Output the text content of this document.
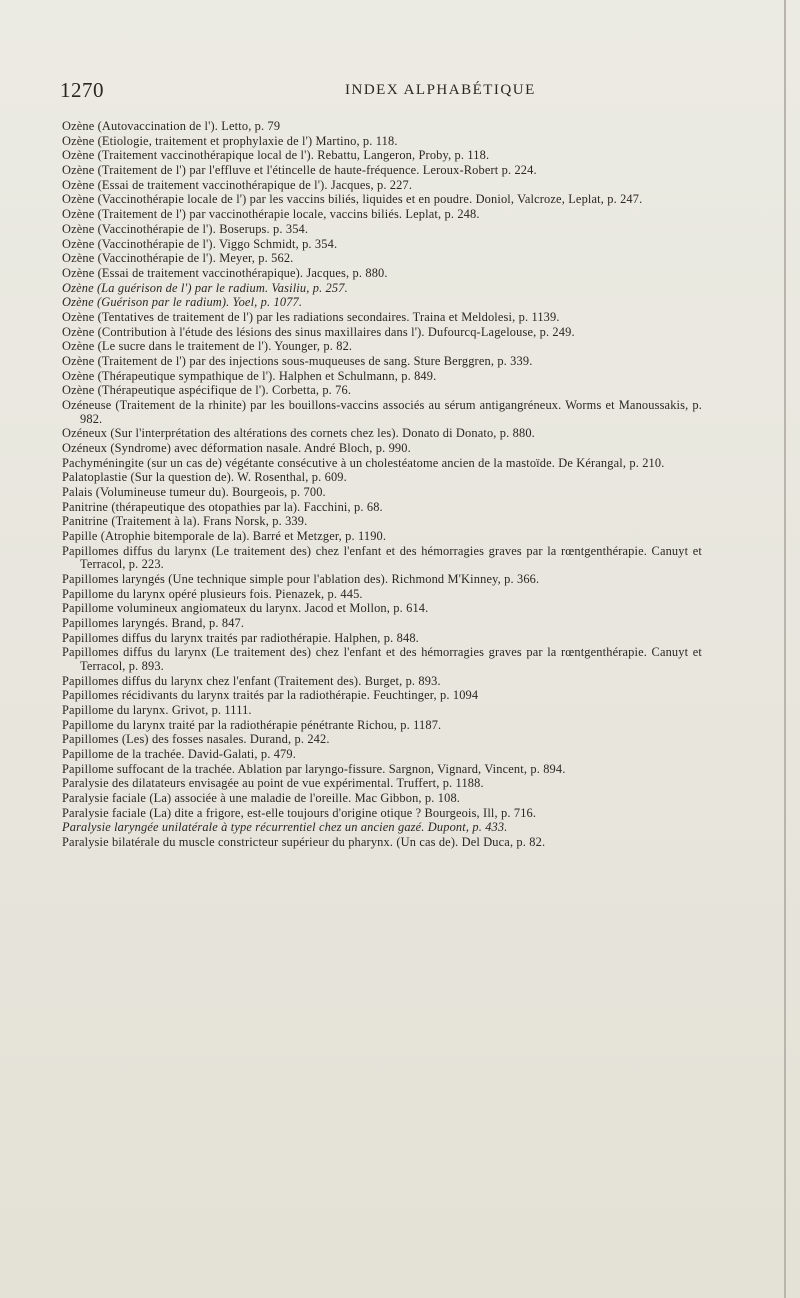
1270	INDEX ALPHABÉTIQUE

Ozène (Autovaccination de l'). Letto, p. 79

Ozène (Etiologie, traitement et prophylaxie de l') Martino, p. 118.

Ozène (Traitement vaccinothérapique local de l'). Rebattu, Langeron, Proby, p. 118.

Ozène (Traitement de l') par l'effluve et l'étincelle de haute-fréquence. Leroux-Robert p. 224.

Ozène (Essai de traitement vaccinothérapique de l'). Jacques, p. 227.

Ozène (Vaccinothérapie locale de l') par les vaccins biliés, liquides et en poudre. Doniol, Valcroze, Leplat, p. 247.

Ozène (Traitement de l') par vaccinothérapie locale, vaccins biliés. Leplat, p. 248.

Ozène (Vaccinothérapie de l'). Boserups. p. 354.

Ozène (Vaccinothérapie de l'). Viggo Schmidt, p. 354.

Ozène (Vaccinothérapie de l'). Meyer, p. 562.

Ozène (Essai de traitement vaccinothérapique). Jacques, p. 880.

Ozène (La guérison de l') par le radium. Vasiliu, p. 257.

Ozène (Guérison par le radium). Yoel, p. 1077.

Ozène (Tentatives de traitement de l') par les radiations secondaires. Traina et Meldolesi, p. 1139.

Ozène (Contribution à l'étude des lésions des sinus maxillaires dans l'). Dufourcq-Lagelouse, p. 249.

Ozène (Le sucre dans le traitement de l'). Younger, p. 82.

Ozène (Traitement de l') par des injections sous-muqueuses de sang. Sture Berggren, p. 339.

Ozène (Thérapeutique sympathique de l'). Halphen et Schulmann, p. 849.

Ozène (Thérapeutique aspécifique de l'). Corbetta, p. 76.

Ozéneuse (Traitement de la rhinite) par les bouillons-vaccins associés au sérum antigangréneux. Worms et Manoussakis, p. 982.

Ozéneux (Sur l'interprétation des altérations des cornets chez les). Donato di Donato, p. 880.

Ozéneux (Syndrome) avec déformation nasale. André Bloch, p. 990.

Pachyméningite (sur un cas de) végétante consécutive à un cholestéatome ancien de la mastoïde. De Kérangal, p. 210.

Palatoplastie (Sur la question de). W. Rosenthal, p. 609.

Palais (Volumineuse tumeur du). Bourgeois, p. 700.

Panitrine (thérapeutique des otopathies par la). Facchini, p. 68.

Panitrine (Traitement à la). Frans Norsk, p. 339.

Papille (Atrophie bitemporale de la). Barré et Metzger, p. 1190.

Papillomes diffus du larynx (Le traitement des) chez l'enfant et des hémorragies graves par la rœntgenthérapie. Canuyt et Terracol, p. 223.

Papillomes laryngés (Une technique simple pour l'ablation des). Richmond M'Kinney, p. 366.

Papillome du larynx opéré plusieurs fois. Pienazek, p. 445.

Papillome volumineux angiomateux du larynx. Jacod et Mollon, p. 614.

Papillomes laryngés. Brand, p. 847.

Papillomes diffus du larynx traités par radiothérapie. Halphen, p. 848.

Papillomes diffus du larynx (Le traitement des) chez l'enfant et des hémorragies graves par la rœntgenthérapie. Canuyt et Terracol, p. 893.

Papillomes diffus du larynx chez l'enfant (Traitement des). Burget, p. 893.

Papillomes récidivants du larynx traités par la radiothérapie. Feuchtinger, p. 1094

Papillome du larynx. Grivot, p. 1111.

Papillome du larynx traité par la radiothérapie pénétrante Richou, p. 1187.

Papillomes (Les) des fosses nasales. Durand, p. 242.

Papillome de la trachée. David-Galati, p. 479.

Papillome suffocant de la trachée. Ablation par laryngo-fissure. Sargnon, Vignard, Vincent, p. 894.

Paralysie des dilatateurs envisagée au point de vue expérimental. Truffert, p. 1188.

Paralysie faciale (La) associée à une maladie de l'oreille. Mac Gibbon, p. 108.

Paralysie faciale (La) dite a frigore, est-elle toujours d'origine otique ? Bourgeois, Ill, p. 716.

Paralysie laryngée unilatérale à type récurrentiel chez un ancien gazé. Dupont, p. 433.

Paralysie bilatérale du muscle constricteur supérieur du pharynx. (Un cas de). Del Duca, p. 82.
